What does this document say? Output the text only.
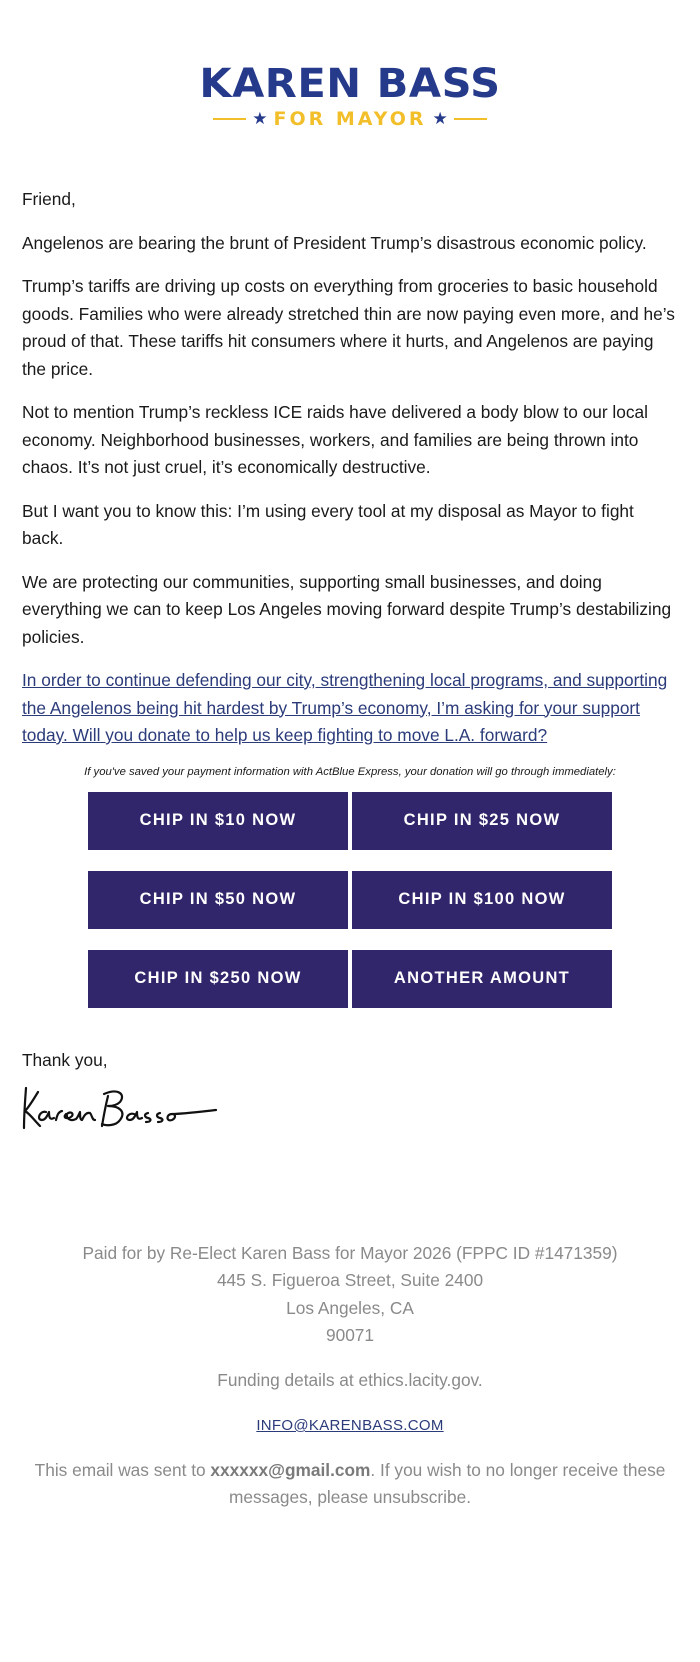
KAREN BASS
★ FOR MAYOR ★

Friend,

Angelenos are bearing the brunt of President Trump’s disastrous economic policy.

Trump’s tariffs are driving up costs on everything from groceries to basic household goods. Families who were already stretched thin are now paying even more, and he’s proud of that. These tariffs hit consumers where it hurts, and Angelenos are paying the price.

Not to mention Trump’s reckless ICE raids have delivered a body blow to our local economy. Neighborhood businesses, workers, and families are being thrown into chaos. It’s not just cruel, it’s economically destructive.

But I want you to know this: I’m using every tool at my disposal as Mayor to fight back.

We are protecting our communities, supporting small businesses, and doing everything we can to keep Los Angeles moving forward despite Trump’s destabilizing policies.

In order to continue defending our city, strengthening local programs, and supporting the Angelenos being hit hardest by Trump’s economy, I’m asking for your support today. Will you donate to help us keep fighting to move L.A. forward?

If you've saved your payment information with ActBlue Express, your donation will go through immediately:
CHIP IN $10 NOW	CHIP IN $25 NOW
CHIP IN $50 NOW	CHIP IN $100 NOW
CHIP IN $250 NOW	ANOTHER AMOUNT
Thank you,

Paid for by Re-Elect Karen Bass for Mayor 2026 (FPPC ID #1471359)

445 S. Figueroa Street, Suite 2400

Los Angeles, CA

90071

Funding details at ethics.lacity.gov.

INFO@KARENBASS.COM

This email was sent to xxxxxx@gmail.com. If you wish to no longer receive these messages, please unsubscribe.
